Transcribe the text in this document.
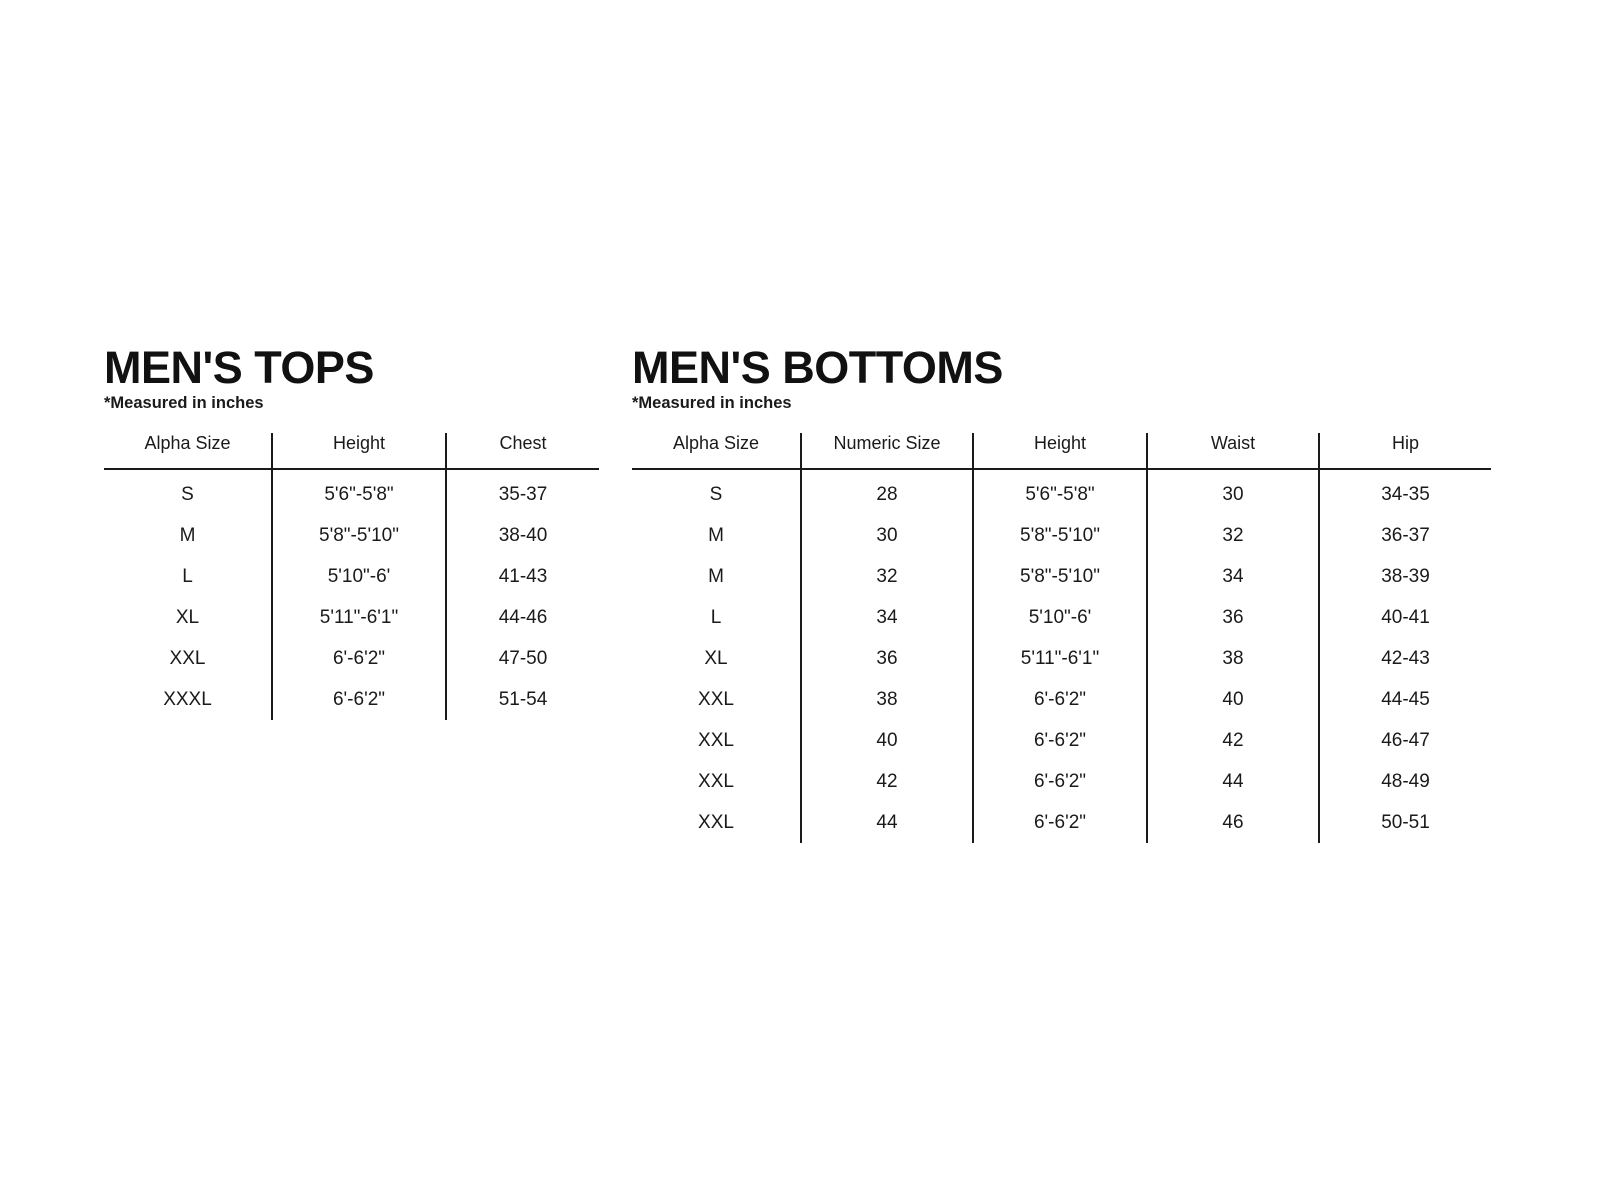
MEN'S TOPS
*Measured in inches
Alpha Size	Height	Chest
S	5'6"-5'8"	35-37
M	5'8"-5'10"	38-40
L	5'10"-6'	41-43
XL	5'11"-6'1"	44-46
XXL	6'-6'2"	47-50
XXXL	6'-6'2"	51-54
MEN'S BOTTOMS
*Measured in inches
Alpha Size	Numeric Size	Height	Waist	Hip
S	28	5'6"-5'8"	30	34-35
M	30	5'8"-5'10"	32	36-37
M	32	5'8"-5'10"	34	38-39
L	34	5'10"-6'	36	40-41
XL	36	5'11"-6'1"	38	42-43
XXL	38	6'-6'2"	40	44-45
XXL	40	6'-6'2"	42	46-47
XXL	42	6'-6'2"	44	48-49
XXL	44	6'-6'2"	46	50-51
